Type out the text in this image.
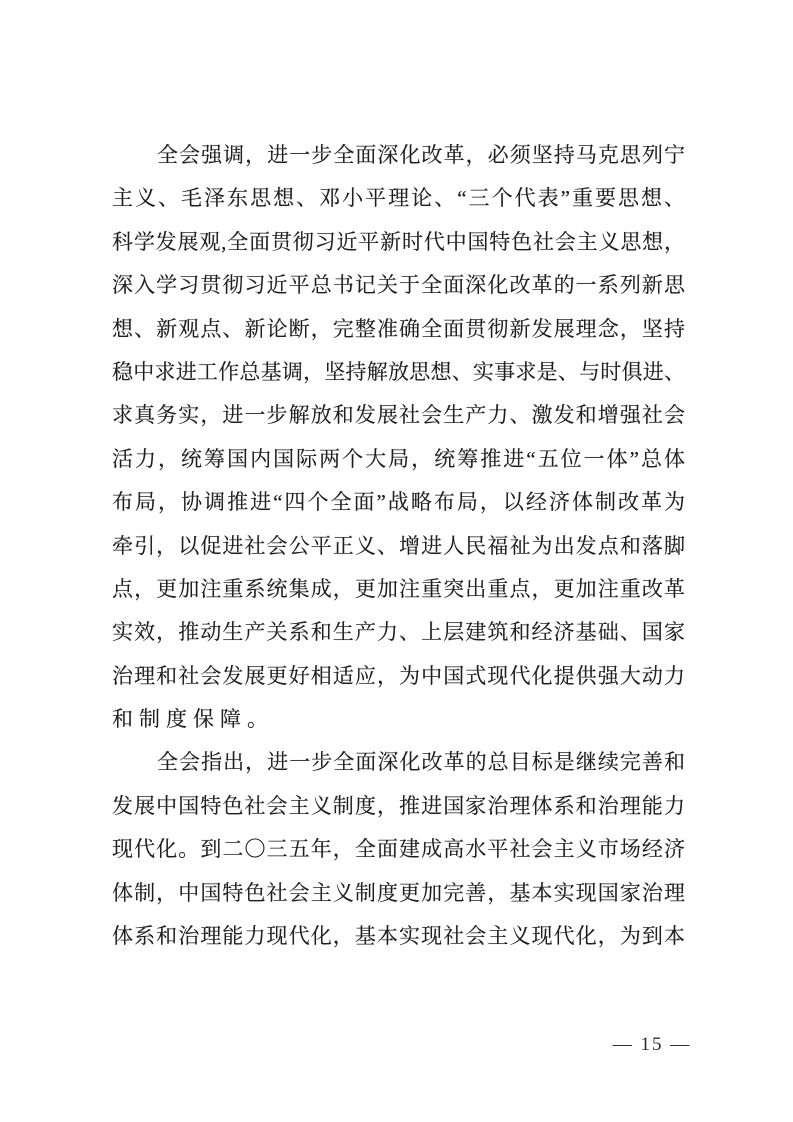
全会强调，进一步全面深化改革，必须坚持马克思列宁
主义、毛泽东思想、邓小平理论、“三个代表”重要思想、
科学发展观,全面贯彻习近平新时代中国特色社会主义思想，
深入学习贯彻习近平总书记关于全面深化改革的一系列新思
想、新观点、新论断，完整准确全面贯彻新发展理念，坚持
稳中求进工作总基调，坚持解放思想、实事求是、与时俱进、
求真务实，进一步解放和发展社会生产力、激发和增强社会
活力，统筹国内国际两个大局，统筹推进“五位一体”总体
布局，协调推进“四个全面”战略布局，以经济体制改革为
牵引，以促进社会公平正义、增进人民福祉为出发点和落脚
点，更加注重系统集成，更加注重突出重点，更加注重改革
实效，推动生产关系和生产力、上层建筑和经济基础、国家
治理和社会发展更好相适应，为中国式现代化提供强大动力
和制度保障。
全会指出，进一步全面深化改革的总目标是继续完善和
发展中国特色社会主义制度，推进国家治理体系和治理能力
现代化。到二〇三五年，全面建成高水平社会主义市场经济
体制，中国特色社会主义制度更加完善，基本实现国家治理
体系和治理能力现代化，基本实现社会主义现代化，为到本
— 15 —
